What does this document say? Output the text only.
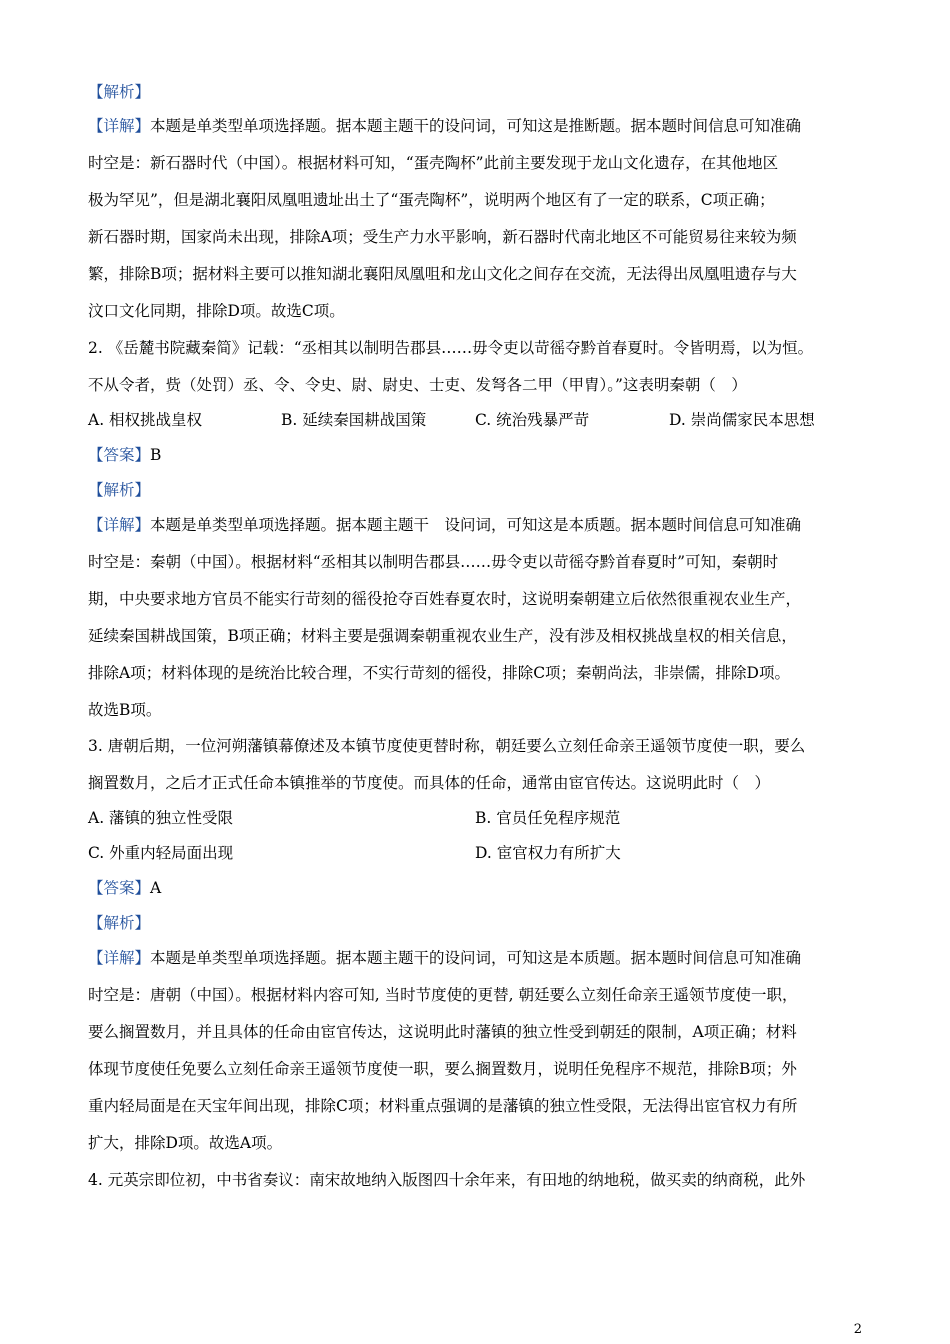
【解析】
【详解】本题是单类型单项选择题。据本题主题干的设问词，可知这是推断题。据本题时间信息可知准确
时空是：新石器时代（中国）。根据材料可知，“蛋壳陶杯”此前主要发现于龙山文化遗存，在其他地区
极为罕见”，但是湖北襄阳凤凰咀遗址出土了“蛋壳陶杯”，说明两个地区有了一定的联系，C项正确；
新石器时期，国家尚未出现，排除A项；受生产力水平影响，新石器时代南北地区不可能贸易往来较为频
繁，排除B项；据材料主要可以推知湖北襄阳凤凰咀和龙山文化之间存在交流，无法得出凤凰咀遗存与大
汶口文化同期，排除D项。故选C项。
2. 《岳麓书院藏秦简》记载：“丞相其以制明告郡县……毋令吏以苛徭夺黔首春夏时。令皆明焉，以为恒。
不从令者，赀（处罚）丞、令、令史、尉、尉史、士吏、发弩各二甲（甲胄）。”这表明秦朝（　）
A. 相权挑战皇权	B. 延续秦国耕战国策	C. 统治残暴严苛	D. 崇尚儒家民本思想
【答案】B
【解析】
【详解】本题是单类型单项选择题。据本题主题干　设问词，可知这是本质题。据本题时间信息可知准确
时空是：秦朝（中国）。根据材料“丞相其以制明告郡县……毋令吏以苛徭夺黔首春夏时”可知，秦朝时
期，中央要求地方官员不能实行苛刻的徭役抢夺百姓春夏农时，这说明秦朝建立后依然很重视农业生产，
延续秦国耕战国策，B项正确；材料主要是强调秦朝重视农业生产，没有涉及相权挑战皇权的相关信息，
排除A项；材料体现的是统治比较合理，不实行苛刻的徭役，排除C项；秦朝尚法，非崇儒，排除D项。
故选B项。
3. 唐朝后期，一位河朔藩镇幕僚述及本镇节度使更替时称，朝廷要么立刻任命亲王遥领节度使一职，要么
搁置数月，之后才正式任命本镇推举的节度使。而具体的任命，通常由宦官传达。这说明此时（　）
A. 藩镇的独立性受限	B. 官员任免程序规范
C. 外重内轻局面出现	D. 宦官权力有所扩大
【答案】A
【解析】
【详解】本题是单类型单项选择题。据本题主题干的设问词，可知这是本质题。据本题时间信息可知准确
时空是：唐朝（中国）。根据材料内容可知, 当时节度使的更替, 朝廷要么立刻任命亲王遥领节度使一职，
要么搁置数月，并且具体的任命由宦官传达，这说明此时藩镇的独立性受到朝廷的限制，A项正确；材料
体现节度使任免要么立刻任命亲王遥领节度使一职，要么搁置数月，说明任免程序不规范，排除B项；外
重内轻局面是在天宝年间出现，排除C项；材料重点强调的是藩镇的独立性受限，无法得出宦官权力有所
扩大，排除D项。故选A项。
4. 元英宗即位初，中书省奏议：南宋故地纳入版图四十余年来，有田地的纳地税，做买卖的纳商税，此外
2
